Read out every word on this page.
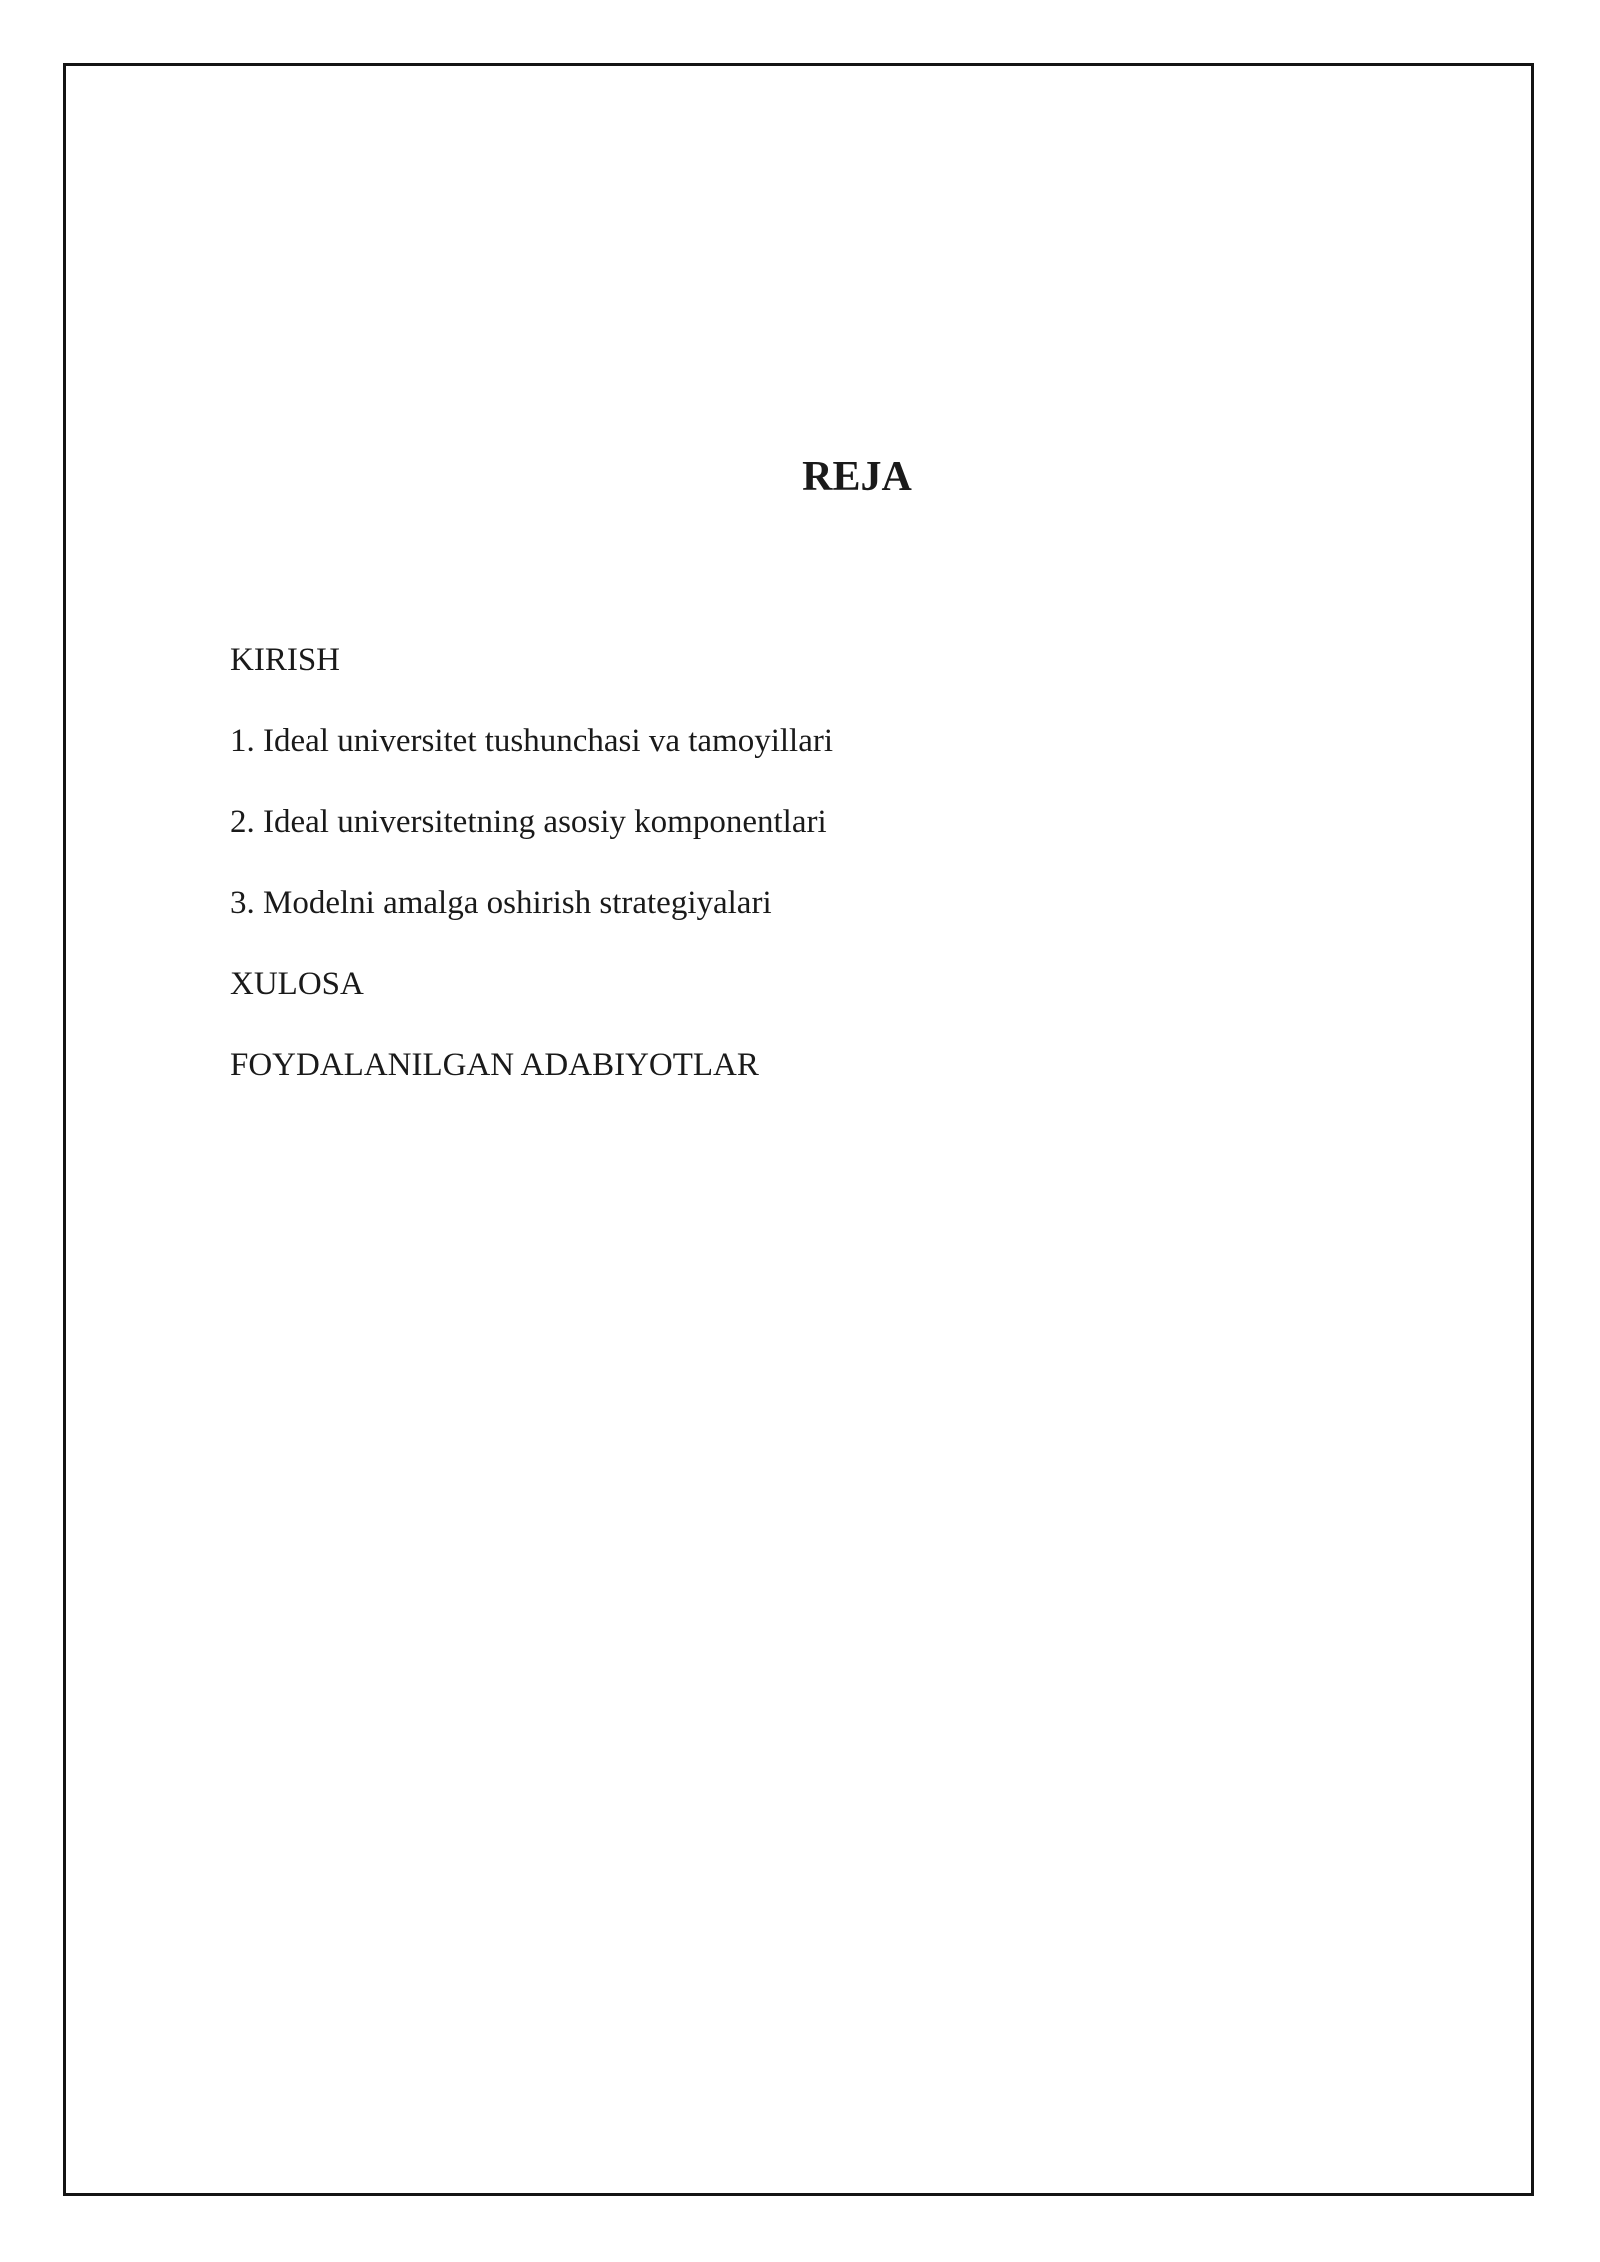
REJA

KIRISH

1. Ideal universitet tushunchasi va tamoyillari

2. Ideal universitetning asosiy komponentlari

3. Modelni amalga oshirish strategiyalari

XULOSA

FOYDALANILGAN ADABIYOTLAR
